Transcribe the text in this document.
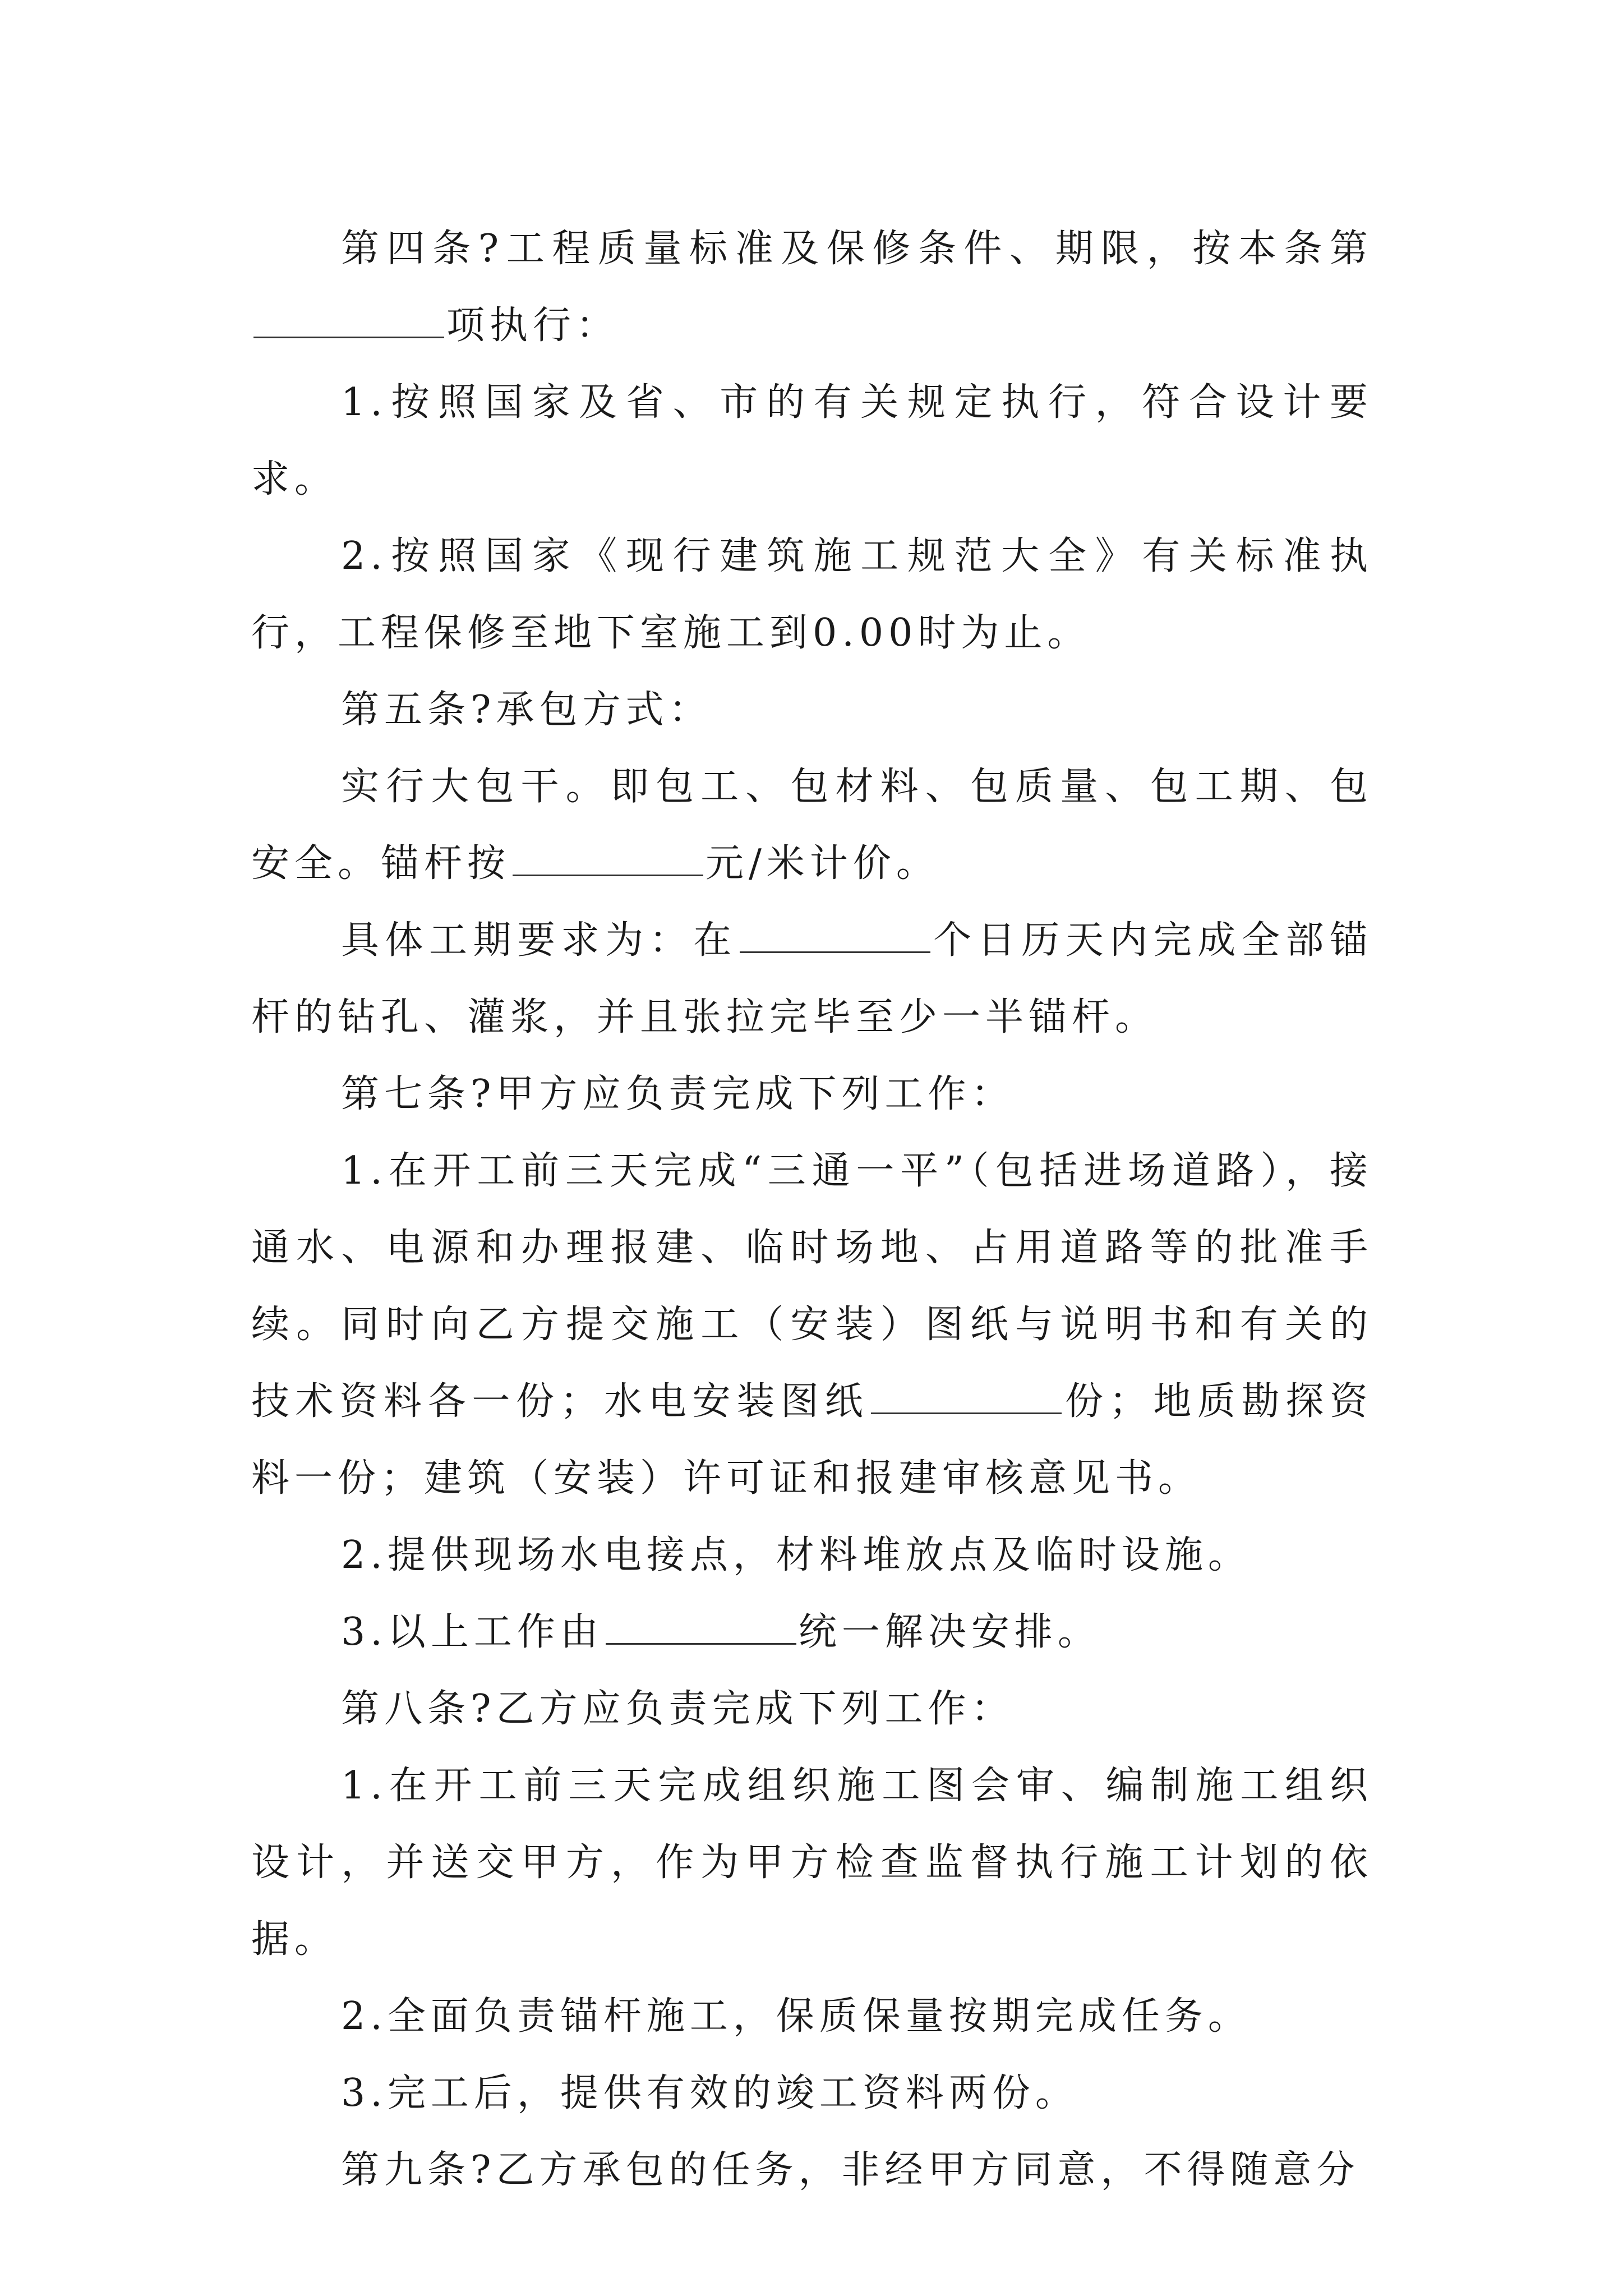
第四条?工程质量标准及保修条件、期限，按本条第项执行：

1.按照国家及省、市的有关规定执行，符合设计要求。

2.按照国家《现行建筑施工规范大全》有关标准执行，工程保修至地下室施工到0.00时为止。

第五条?承包方式：

实行大包干。即包工、包材料、包质量、包工期、包安全。锚杆按	元/米计价。

具体工期要求为：在	个日历天内完成全部锚杆的钻孔、灌浆，并且张拉完毕至少一半锚杆。

第七条?甲方应负责完成下列工作：

1.在开工前三天完成“三通一平”（包括进场道路），接通水、电源和办理报建、临时场地、占用道路等的批准手续。同时向乙方提交施工（安装）图纸与说明书和有关的技术资料各一份；水电安装图纸	份；地质勘探资料一份；建筑（安装）许可证和报建审核意见书。

2.提供现场水电接点，材料堆放点及临时设施。

3.以上工作由	统一解决安排。

第八条?乙方应负责完成下列工作：

1.在开工前三天完成组织施工图会审、编制施工组织设计，并送交甲方，作为甲方检查监督执行施工计划的依据。

2.全面负责锚杆施工，保质保量按期完成任务。

3.完工后，提供有效的竣工资料两份。

第九条?乙方承包的任务，非经甲方同意，不得随意分
